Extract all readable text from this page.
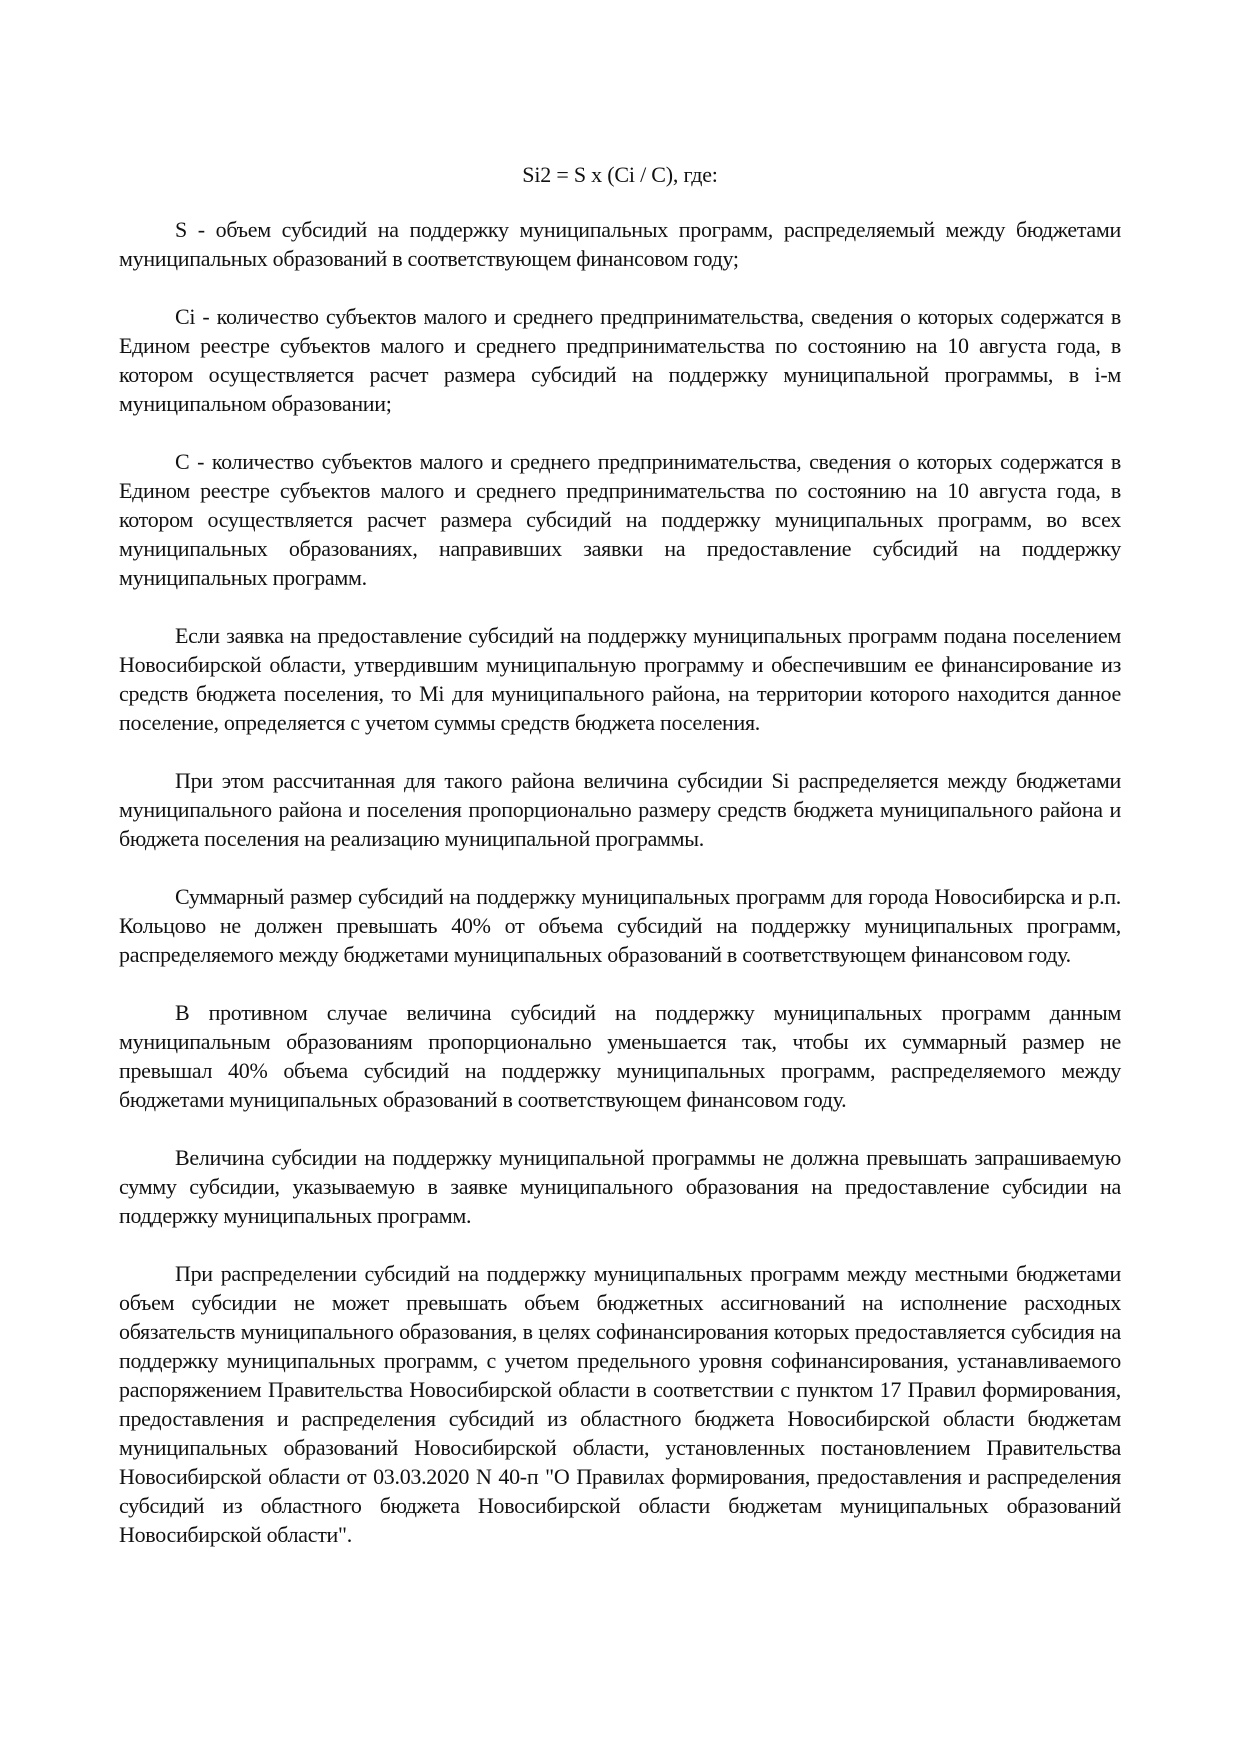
Si2 = S x (Ci / C), где:

S - объем субсидий на поддержку муниципальных программ, распределяемый между бюджетами муниципальных образований в соответствующем финансовом году;

Ci - количество субъектов малого и среднего предпринимательства, сведения о которых содержатся в Едином реестре субъектов малого и среднего предпринимательства по состоянию на 10 августа года, в котором осуществляется расчет размера субсидий на поддержку муниципальной программы, в i-м муниципальном образовании;

C - количество субъектов малого и среднего предпринимательства, сведения о которых содержатся в Едином реестре субъектов малого и среднего предпринимательства по состоянию на 10 августа года, в котором осуществляется расчет размера субсидий на поддержку муниципальных программ, во всех муниципальных образованиях, направивших заявки на предоставление субсидий на поддержку муниципальных программ.

Если заявка на предоставление субсидий на поддержку муниципальных программ подана поселением Новосибирской области, утвердившим муниципальную программу и обеспечившим ее финансирование из средств бюджета поселения, то Mi для муниципального района, на территории которого находится данное поселение, определяется с учетом суммы средств бюджета поселения.

При этом рассчитанная для такого района величина субсидии Si распределяется между бюджетами муниципального района и поселения пропорционально размеру средств бюджета муниципального района и бюджета поселения на реализацию муниципальной программы.

Суммарный размер субсидий на поддержку муниципальных программ для города Новосибирска и р.п. Кольцово не должен превышать 40% от объема субсидий на поддержку муниципальных программ, распределяемого между бюджетами муниципальных образований в соответствующем финансовом году.

В противном случае величина субсидий на поддержку муниципальных программ данным муниципальным образованиям пропорционально уменьшается так, чтобы их суммарный размер не превышал 40% объема субсидий на поддержку муниципальных программ, распределяемого между бюджетами муниципальных образований в соответствующем финансовом году.

Величина субсидии на поддержку муниципальной программы не должна превышать запрашиваемую сумму субсидии, указываемую в заявке муниципального образования на предоставление субсидии на поддержку муниципальных программ.

При распределении субсидий на поддержку муниципальных программ между местными бюджетами объем субсидии не может превышать объем бюджетных ассигнований на исполнение расходных обязательств муниципального образования, в целях софинансирования которых предоставляется субсидия на поддержку муниципальных программ, с учетом предельного уровня софинансирования, устанавливаемого распоряжением Правительства Новосибирской области в соответствии с пунктом 17 Правил формирования, предоставления и распределения субсидий из областного бюджета Новосибирской области бюджетам муниципальных образований Новосибирской области, установленных постановлением Правительства Новосибирской области от 03.03.2020 N 40-п "О Правилах формирования, предоставления и распределения субсидий из областного бюджета Новосибирской области бюджетам муниципальных образований Новосибирской области".
